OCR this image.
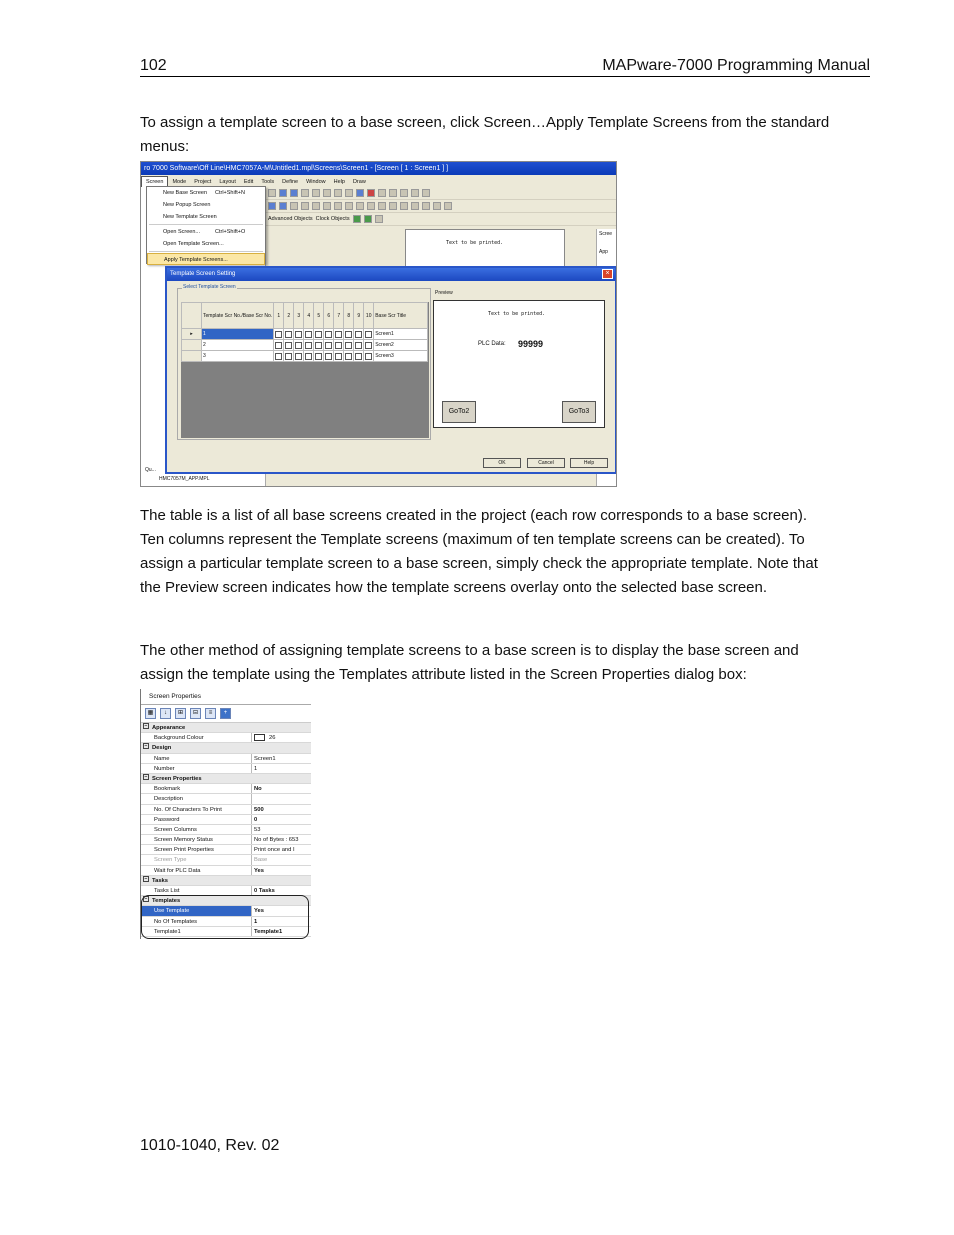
102	MAPware-7000 Programming Manual

To assign a template screen to a base screen, click Screen…Apply Template Screens from the standard menus:

ro 7000 Software\Off Line\HMC7057A-M\Untitled1.mpl\Screens\Screen1 - [Screen [ 1 : Screen1 ] ]
Screen Mode Project Layout Edit Tools Define Window Help Draw
Advanced Objects Clock Objects
Text to be printed.
Scree
App
Qu...
HMC7057M_APP.MPL
New Base Screen Ctrl+Shift+N
New Popup Screen
New Template Screen
Open Screen...	Ctrl+Shift+O
Open Template Screen...
Apply Template Screens...
Template Screen Setting	×
Select Template Screen
	Template Scr No./Base Scr No.	1	2	3	4	5	6	7	8	9	10	Base Scr Title
▸	1											Screen1
	2											Screen2
	3											Screen3
Preview
Text to be printed.
PLC Data: 99999
GoTo2	GoTo3
OK	Cancel	Help

The table is a list of all base screens created in the project (each row corresponds to a base screen). Ten columns represent the Template screens (maximum of ten template screens can be created). To assign a particular template screen to a base screen, simply check the appropriate template. Note that the Preview screen indicates how the template screens overlay onto the selected base screen.

The other method of assigning template screens to a base screen is to display the base screen and assign the template using the Templates attribute listed in the Screen Properties dialog box:

Screen Properties
▦	↓	⊞	⊟	≡	+
− Appearance
Background Colour	26
− Design
Name	Screen1
Number	1
− Screen Properties
Bookmark	No
Description
No. Of Characters To Print	500
Password	0
Screen Columns	53
Screen Memory Status	No of Bytes : 653
Screen Print Properties	Print once and I
Screen Type	Base
Wait for PLC Data	Yes
− Tasks
Tasks List	0 Tasks
− Templates
Use Template	Yes
No Of Templates	1
Template1	Template1
1010-1040, Rev. 02
